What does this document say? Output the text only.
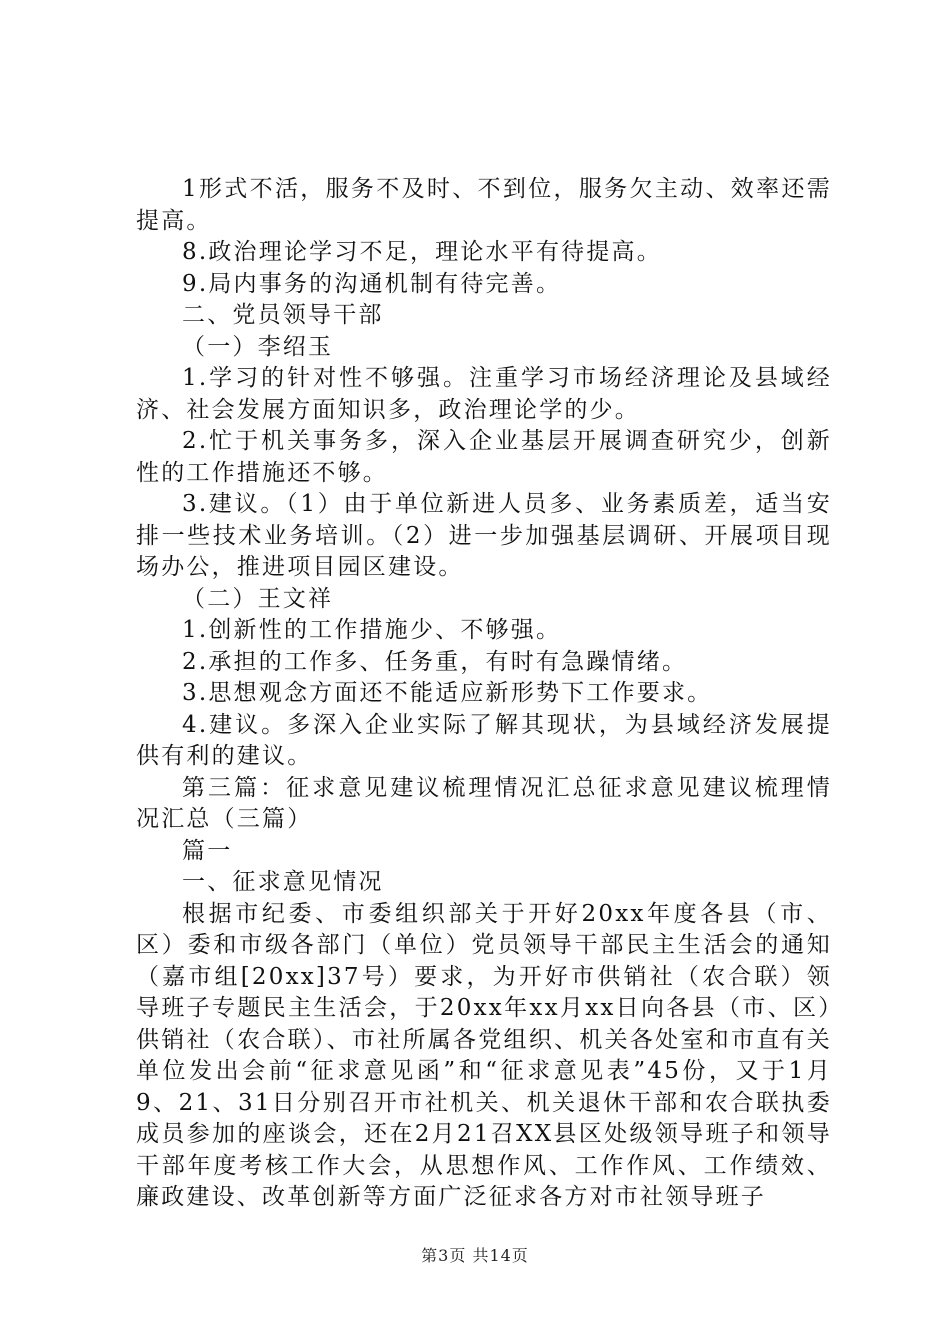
1形式不活，服务不及时、不到位，服务欠主动、效率还需提高。

8.政治理论学习不足，理论水平有待提高。

9.局内事务的沟通机制有待完善。

二、党员领导干部

（一）李绍玉

1.学习的针对性不够强。注重学习市场经济理论及县域经济、社会发展方面知识多，政治理论学的少。

2.忙于机关事务多，深入企业基层开展调查研究少，创新性的工作措施还不够。

3.建议。（1）由于单位新进人员多、业务素质差，适当安排一些技术业务培训。（2）进一步加强基层调研、开展项目现场办公，推进项目园区建设。

（二）王文祥

1.创新性的工作措施少、不够强。

2.承担的工作多、任务重，有时有急躁情绪。

3.思想观念方面还不能适应新形势下工作要求。

4.建议。多深入企业实际了解其现状，为县域经济发展提供有利的建议。

第三篇：征求意见建议梳理情况汇总征求意见建议梳理情况汇总（三篇）

篇一

一、征求意见情况

根据市纪委、市委组织部关于开好20xx年度各县（市、区）委和市级各部门（单位）党员领导干部民主生活会的通知（嘉市组[20xx]37号）要求，为开好市供销社（农合联）领导班子专题民主生活会，于20xx年xx月xx日向各县（市、区）供销社（农合联）、市社所属各党组织、机关各处室和市直有关单位发出会前“征求意见函”和“征求意见表”45份，又于1月9、21、31日分别召开市社机关、机关退休干部和农合联执委成员参加的座谈会，还在2月21召XX县区处级领导班子和领导干部年度考核工作大会，从思想作风、工作作风、工作绩效、廉政建设、改革创新等方面广泛征求各方对市社领导班子

第3页 共14页
